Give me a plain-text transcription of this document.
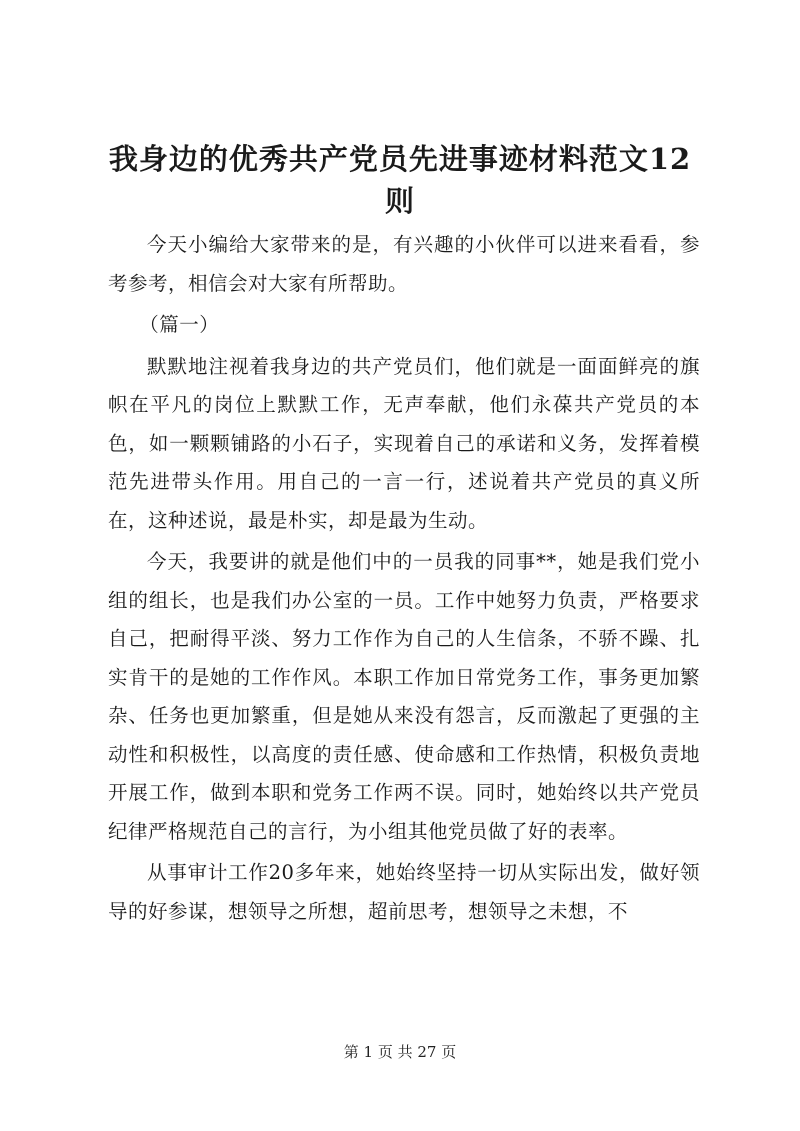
我身边的优秀共产党员先进事迹材料范文12则

今天小编给大家带来的是，有兴趣的小伙伴可以进来看看，参考参考，相信会对大家有所帮助。

（篇一）

默默地注视着我身边的共产党员们，他们就是一面面鲜亮的旗帜在平凡的岗位上默默工作，无声奉献，他们永葆共产党员的本色，如一颗颗铺路的小石子，实现着自己的承诺和义务，发挥着模范先进带头作用。用自己的一言一行，述说着共产党员的真义所在，这种述说，最是朴实，却是最为生动。

今天，我要讲的就是他们中的一员我的同事**，她是我们党小组的组长，也是我们办公室的一员。工作中她努力负责，严格要求自己，把耐得平淡、努力工作作为自己的人生信条，不骄不躁、扎实肯干的是她的工作作风。本职工作加日常党务工作，事务更加繁杂、任务也更加繁重，但是她从来没有怨言，反而激起了更强的主动性和积极性，以高度的责任感、使命感和工作热情，积极负责地开展工作，做到本职和党务工作两不误。同时，她始终以共产党员纪律严格规范自己的言行，为小组其他党员做了好的表率。

从事审计工作20多年来，她始终坚持一切从实际出发，做好领导的好参谋，想领导之所想，超前思考，想领导之未想，不

第 1 页 共 27 页
